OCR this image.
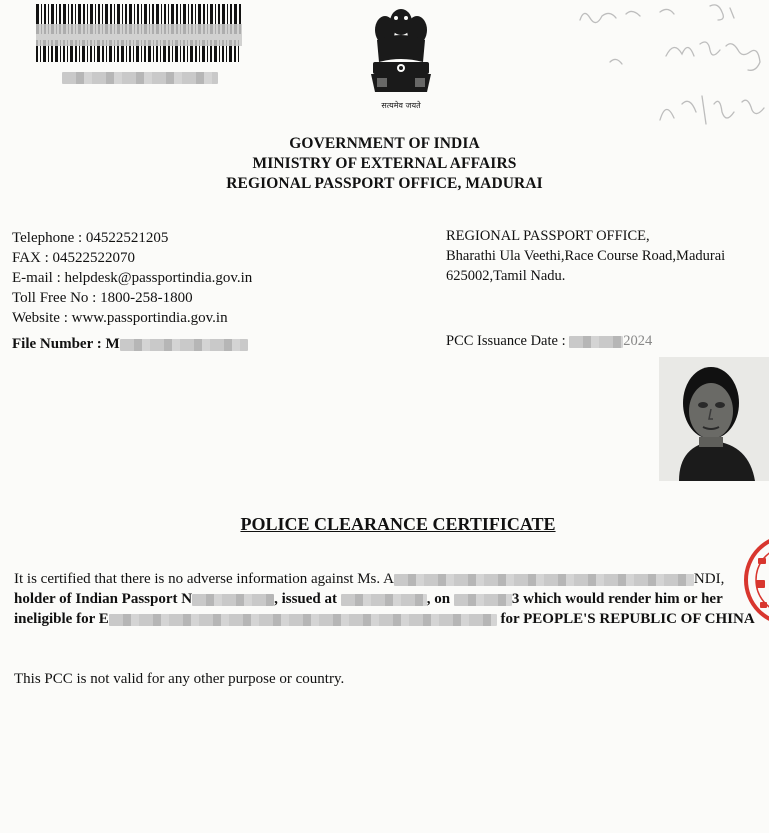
सत्यमेव जयते
GOVERNMENT OF INDIA
MINISTRY OF EXTERNAL AFFAIRS
REGIONAL PASSPORT OFFICE, MADURAI
Telephone : 04522521205
FAX : 04522522070
E-mail : helpdesk@passportindia.gov.in
Toll Free No : 1800-258-1800
Website : www.passportindia.gov.in
File Number : M
REGIONAL PASSPORT OFFICE,
Bharathi Ula Veethi,Race Course Road,Madurai
625002,Tamil Nadu.
PCC Issuance Date :	2024
POLICE CLEARANCE CERTIFICATE
It is certified that there is no adverse information against Ms. A	NDI,
holder of Indian Passport N	, issued at	, on	3 which would render him or her
ineligible for E	for PEOPLE'S REPUBLIC OF CHINA
This PCC is not valid for any other purpose or country.
